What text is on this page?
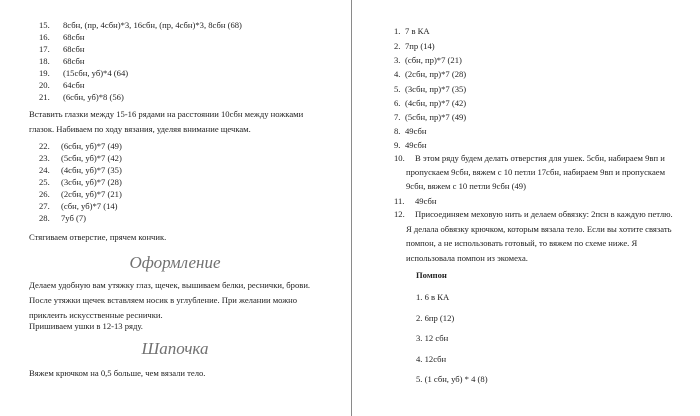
15. 8сбн, (пр, 4сбн)*3, 16сбн, (пр, 4сбн)*3, 8сбн (68)
16. 68сбн
17. 68сбн
18. 68сбн
19. (15сбн, уб)*4 (64)
20. 64сбн
21. (6сбн, уб)*8 (56)
Вставить глазки между 15-16 рядами на расстоянии 10сбн между ножками глазок. Набиваем по ходу вязания, уделяя внимание щечкам.
22. (6сбн, уб)*7 (49)
23. (5сбн, уб)*7 (42)
24. (4сбн, уб)*7 (35)
25. (3сбн, уб)*7 (28)
26. (2сбн, уб)*7 (21)
27. (сбн, уб)*7 (14)
28. 7уб (7)
Стягиваем отверстие, прячем кончик.
Оформление
Делаем удобную вам утяжку глаз, щечек, вышиваем белки, реснички, брови. После утяжки щечек вставляем носик в углубление. При желании можно приклеить искусственные реснички.
Пришиваем ушки в 12-13 ряду.
Шапочка
Вяжем крючком на 0,5 больше, чем вязали тело.
1. 7 в КА
2. 7пр (14)
3. (сбн, пр)*7 (21)
4. (2сбн, пр)*7 (28)
5. (3сбн, пр)*7 (35)
6. (4сбн, пр)*7 (42)
7. (5сбн, пр)*7 (49)
8. 49сбн
9. 49сбн
10.	В этом ряду будем делать отверстия для ушек. 5сбн, набираем 9вп и пропускаем 9сбн, вяжем с 10 петли 17сбн, набираем 9вп и пропускаем 9сбн, вяжем с 10 петли 9сбн (49)
11. 49сбн
12.	Присоединяем меховую нить и делаем обвязку: 2псн в каждую петлю. Я делала обвязку крючком, которым вязала тело. Если вы хотите связать помпон, а не использовать готовый, то вяжем по схеме ниже. Я использовала помпон из экомеха.
Помпон
1. 6 в КА
2. 6пр (12)
3. 12 сбн
4. 12сбн
5. (1 сбн, уб) * 4 (8)
